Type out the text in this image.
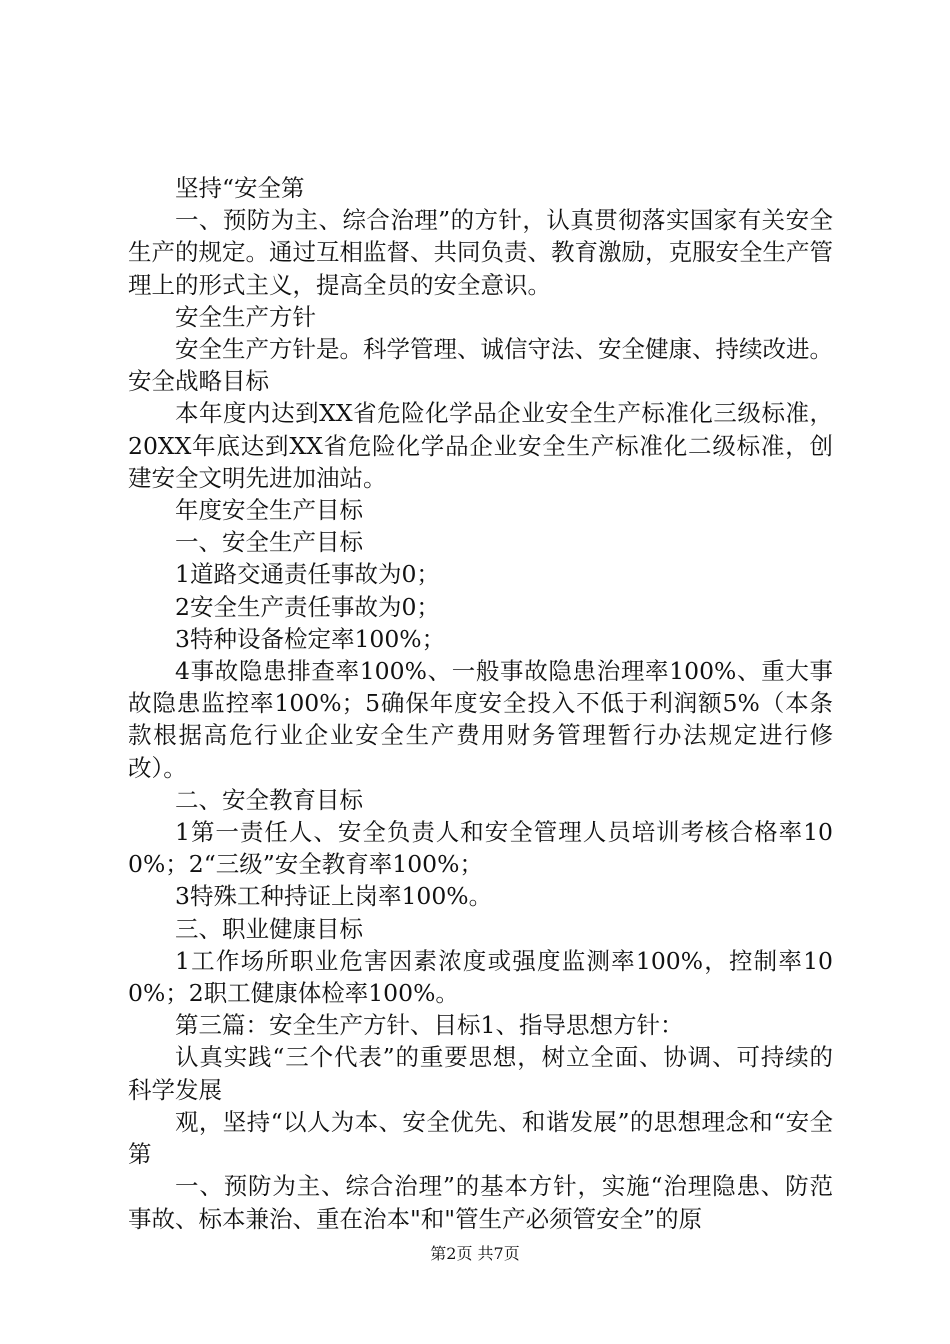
坚持“安全第

一、预防为主、综合治理”的方针，认真贯彻落实国家有关安全生产的规定。通过互相监督、共同负责、教育激励，克服安全生产管理上的形式主义，提高全员的安全意识。

安全生产方针

安全生产方针是。科学管理、诚信守法、安全健康、持续改进。安全战略目标

本年度内达到XX省危险化学品企业安全生产标准化三级标准，20XX年底达到XX省危险化学品企业安全生产标准化二级标准，创建安全文明先进加油站。

年度安全生产目标

一、安全生产目标

1道路交通责任事故为0；

2安全生产责任事故为0；

3特种设备检定率100%；

4事故隐患排查率100%、一般事故隐患治理率100%、重大事故隐患监控率100%；5确保年度安全投入不低于利润额5%（本条款根据高危行业企业安全生产费用财务管理暂行办法规定进行修改）。

二、安全教育目标

1第一责任人、安全负责人和安全管理人员培训考核合格率100%；2“三级”安全教育率100%；

3特殊工种持证上岗率100%。

三、职业健康目标

1工作场所职业危害因素浓度或强度监测率100%，控制率100%；2职工健康体检率100%。

第三篇：安全生产方针、目标1、指导思想方针：

认真实践“三个代表”的重要思想，树立全面、协调、可持续的科学发展

观，坚持“以人为本、安全优先、和谐发展”的思想理念和“安全第

一、预防为主、综合治理”的基本方针，实施“治理隐患、防范事故、标本兼治、重在治本"和"管生产必须管安全”的原

第2页 共7页
